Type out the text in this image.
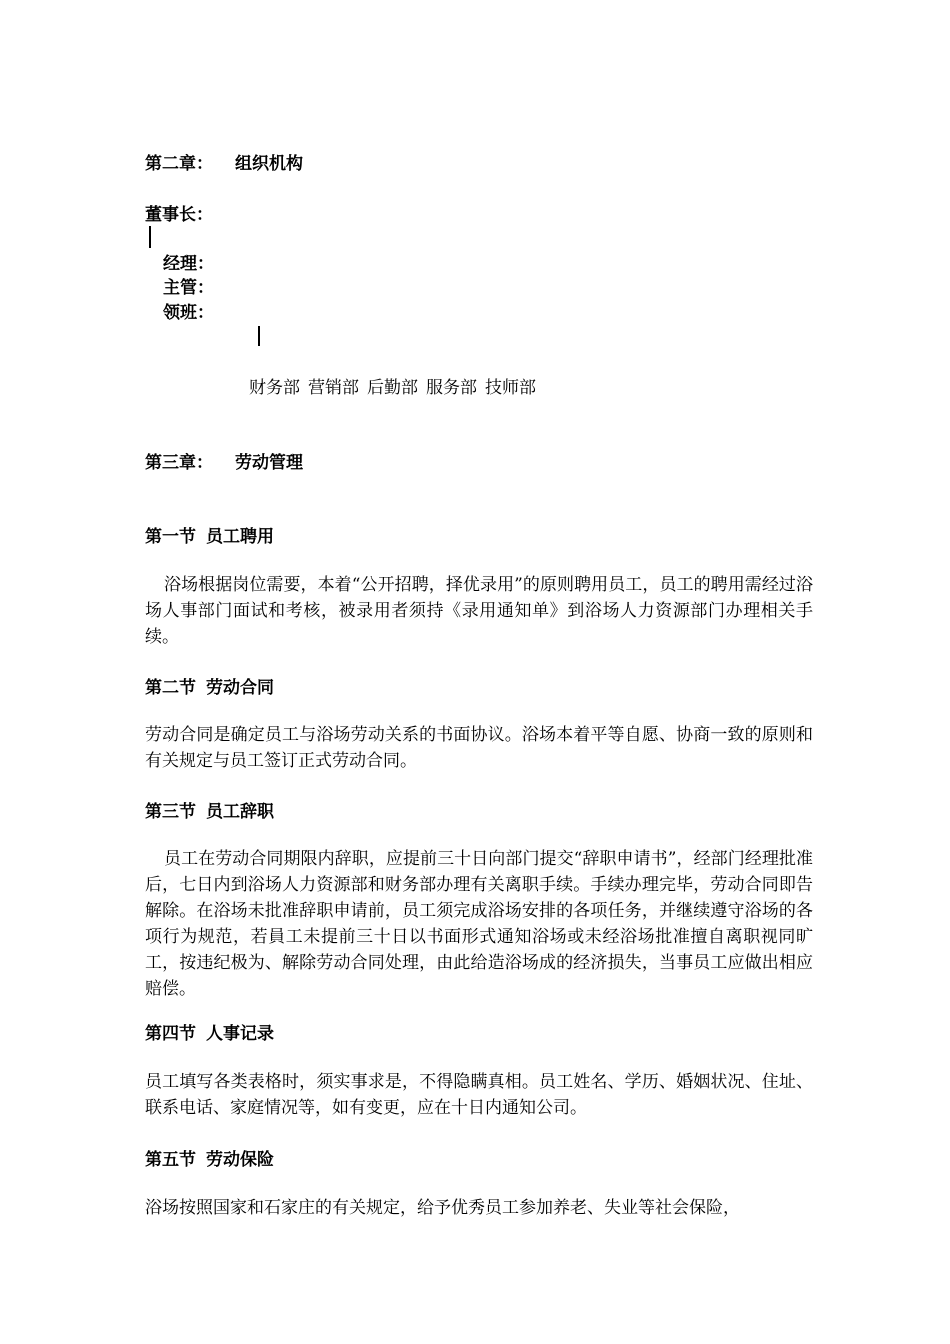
第二章： 组织机构
董事长：
经理：
主管：
领班：
财务部 营销部 后勤部 服务部 技师部
第三章： 劳动管理
第一节 员工聘用
浴场根据岗位需要，本着“公开招聘，择优录用”的原则聘用员工，员工的聘用需经过浴场人事部门面试和考核，被录用者须持《录用通知单》到浴场人力资源部门办理相关手续。
第二节 劳动合同
劳动合同是确定员工与浴场劳动关系的书面协议。浴场本着平等自愿、协商一致的原则和有关规定与员工签订正式劳动合同。
第三节 员工辞职
员工在劳动合同期限内辞职，应提前三十日向部门提交“辞职申请书”，经部门经理批准后，七日内到浴场人力资源部和财务部办理有关离职手续。手续办理完毕，劳动合同即告解除。在浴场未批准辞职申请前，员工须完成浴场安排的各项任务，并继续遵守浴场的各项行为规范，若員工未提前三十日以书面形式通知浴场或未经浴场批准擅自离职视同旷工，按违纪极为、解除劳动合同处理，由此给造浴场成的经济损失，当事员工应做出相应赔偿。
第四节 人事记录
员工填写各类表格时，须实事求是，不得隐瞒真相。员工姓名、学历、婚姻状况、住址、联系电话、家庭情况等，如有变更，应在十日内通知公司。
第五节 劳动保险
浴场按照国家和石家庄的有关规定，给予优秀员工参加养老、失业等社会保险，
